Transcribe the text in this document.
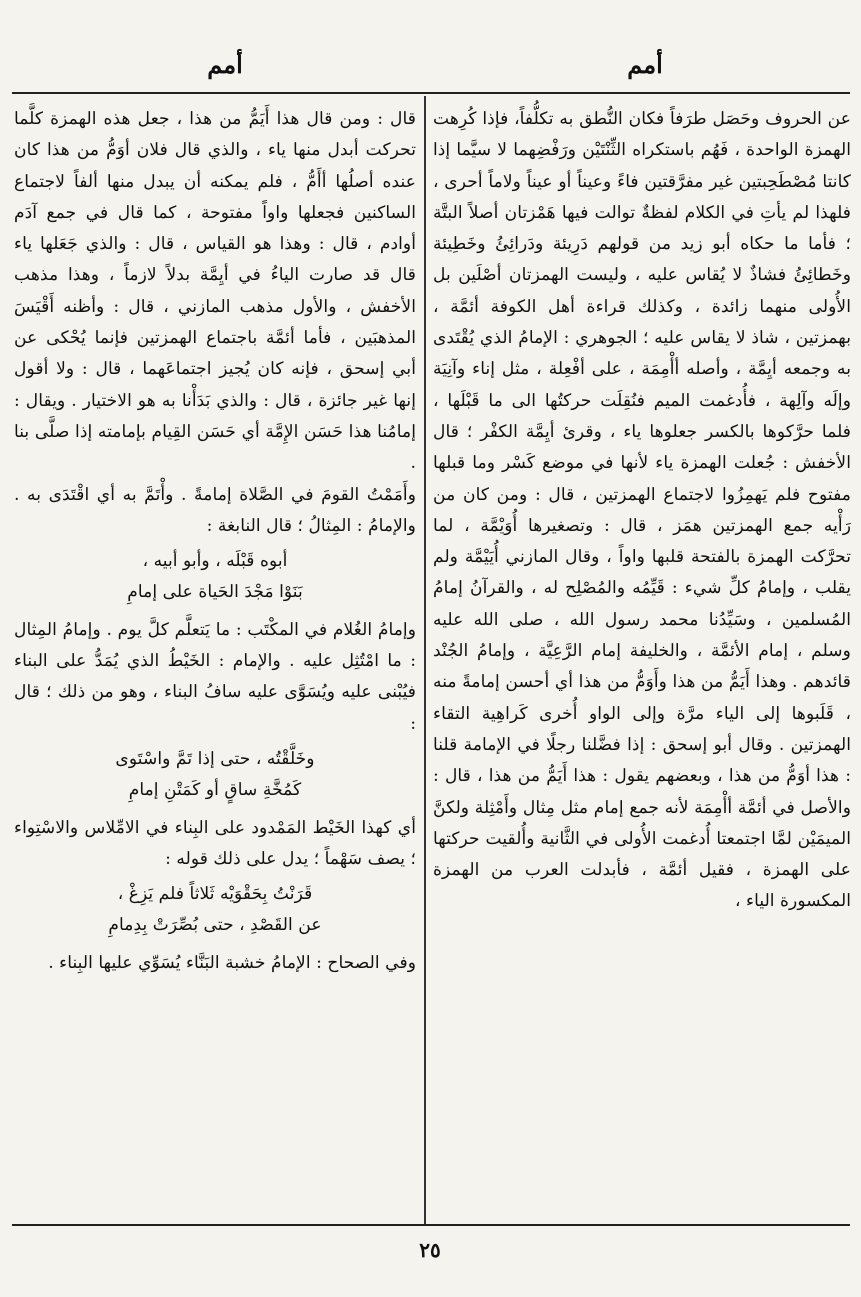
أمم
أمم

عن الحروف وحَصَل طرَفاً فكان النُّطق به تكلُّفاً، فإذا كُرِهت الهمزة الواحدة ، فَهُم باستكراه الثِّنْتَيْن ورَفْضِهما لا سيَّما إذا كانتا مُصْطَحِبتين غير مفرَّقتين فاءً وعيناً أو عيناً ولاماً أحرى ، فلهذا لم يأتِ في الكلام لفظةٌ توالت فيها هَمْزتان أصلاً البتَّة ؛ فأما ما حكاه أبو زيد من قولهم دَرِيئة ودَرائِئُ وخَطِيئة وخَطائِئُ فشاذٌ لا يُقاس عليه ، وليست الهمزتان أصْلَين بل الأُولى منهما زائدة ، وكذلك قراءة أهل الكوفة أئمَّة ، بهمزتين ، شاذ لا يقاس عليه ؛ الجوهري : الإمامُ الذي يُقْتَدى به وجمعه أيِمَّة ، وأصله أأْمِمَة ، على أفْعِلة ، مثل إناء وآنِيَة وإلَه وآلِهة ، فأُدغمت الميم فنُقِلَت حركتُها الى ما قَبْلَها ، فلما حرَّكوها بالكسر جعلوها ياء ، وقرئ أيِمَّة الكفْر ؛ قال الأخفش : جُعلت الهمزة ياء لأنها في موضع كَسْر وما قبلها مفتوح فلم يَهمِزُوا لاجتماع الهمزتين ، قال : ومن كان من رَأْيه جمع الهمزتين همَز ، قال : وتصغيرها أُوَيْمَّة ، لما تحرَّكت الهمزة بالفتحة قلبها واواً ، وقال المازني أُيَيْمَّة ولم يقلب ، وإمامُ كلِّ شيء : قَيِّمُه والمُصْلِح له ، والقرآنُ إمامُ المُسلمين ، وسَيِّدُنا محمد رسول الله ، صلى الله عليه وسلم ، إمام الأئمَّة ، والخليفة إمام الرَّعِيَّة ، وإمامُ الجُنْد قائدهم . وهذا أَيَمُّ من هذا وأَوَمُّ من هذا أي أحسن إمامةً منه ، قَلَبوها إلى الياء مرَّة وإلى الواو أُخرى كَراهِية التقاء الهمزتين . وقال أبو إسحق : إذا فضَّلنا رجلًا في الإمامة قلنا : هذا أوَمُّ من هذا ، وبعضهم يقول : هذا أَيَمُّ من هذا ، قال : والأصل في أئمَّة أأْمِمَة لأنه جمع إمام مثل مِثال وأَمْثِلة ولكنَّ الميمَيْن لمَّا اجتمعتا أُدغمت الأُولى في الثَّانية وأُلقيت حركتها على الهمزة ، فقيل أئمَّة ، فأبدلت العرب من الهمزة المكسورة الياء ،

قال : ومن قال هذا أَيَمُّ من هذا ، جعل هذه الهمزة كلَّما تحركت أبدل منها ياء ، والذي قال فلان أوَمُّ من هذا كان عنده أصلُها أأَمُّ ، فلم يمكنه أن يبدل منها ألفاً لاجتماع الساكنين فجعلها واواً مفتوحة ، كما قال في جمع آدَم أوادم ، قال : وهذا هو القياس ، قال : والذي جَعَلها ياء قال قد صارت الياءُ في أيِمَّة بدلاً لازماً ، وهذا مذهب الأخفش ، والأول مذهب المازني ، قال : وأظنه أَقْيَسَ المذهبَين ، فأما أئمَّة باجتماع الهمزتين فإنما يُحْكى عن أبي إسحق ، فإنه كان يُجيز اجتماعَهما ، قال : ولا أقول إنها غير جائزة ، قال : والذي بَدَأْنا به هو الاختيار . ويقال : إمامُنا هذا حَسَن الإِمَّة أي حَسَن القِيام بإمامته إذا صلَّى بنا .

وأَمَمْتُ القومَ في الصَّلاة إمامةً . وأْتَمَّ به أي اقْتَدَى به . والإمامُ : المِثالُ ؛ قال النابغة :

أبوه قَبْلَه ، وأبو أبيه ،
بَنَوْا مَجْدَ الحَياة على إمامِ

وإمامُ الغُلام في المكْتَب : ما يَتعلَّم كلَّ يوم . وإمامُ المِثال : ما امْتُثِل عليه . والإمام : الخَيْطُ الذي يُمَدُّ على البناء فيُبْنى عليه ويُسَوَّى عليه سافُ البناء ، وهو من ذلك ؛ قال :

وخَلَّقْتُه ، حتى إذا تَمَّ واسْتَوى
كَمُخَّةِ ساقٍ أو كَمَتْنِ إمامِ

أي كهذا الخَيْط المَمْدود على البِناء في الامِّلاس والاسْتِواء ؛ يصف سَهْماً ؛ يدل على ذلك قوله :

قَرَنْتُ بِحَقْوَيْه ثَلاثاً فلم يَزِغْ ،
عن القَصْدِ ، حتى بُصِّرَتْ بِدِمامِ

وفي الصحاح : الإمامُ خشبة البَنَّاء يُسَوِّي عليها البِناء .

٢٥
